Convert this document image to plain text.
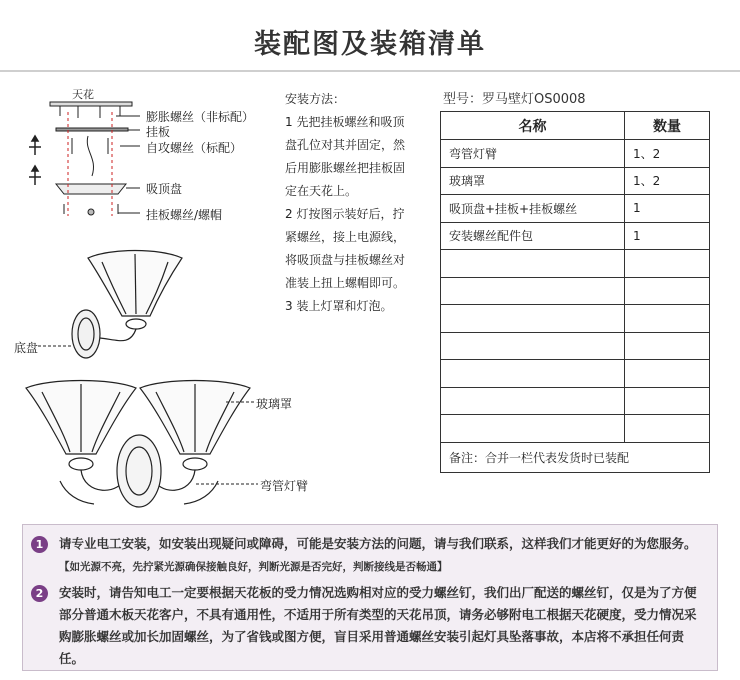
装配图及装箱清单
天花
膨胀螺丝（非标配）
挂板
自攻螺丝（标配）
吸顶盘
挂板螺丝/螺帽
底盘
玻璃罩
弯管灯臂
安装方法：
1 先把挂板螺丝和吸顶
盘孔位对其并固定，然
后用膨胀螺丝把挂板固
定在天花上。
2 灯按图示装好后，拧
紧螺丝，接上电源线，
将吸顶盘与挂板螺丝对
准装上扭上螺帽即可。
3 装上灯罩和灯泡。
型号：罗马壁灯OS0008
名称	数量
弯管灯臂	1、2
玻璃罩	1、2
吸顶盘+挂板+挂板螺丝	1
安装螺丝配件包	1

备注：合并一栏代表发货时已装配	
1	请专业电工安装，如安装出现疑问或障碍，可能是安装方法的问题，请与我们联系，这样我们才能更好的为您服务。【如光源不亮，先拧紧光源确保接触良好，判断光源是否完好，判断接线是否畅通】
2	安装时，请告知电工一定要根据天花板的受力情况选购相对应的受力螺丝钉，我们出厂配送的螺丝钉，仅是为了方便部分普通木板天花客户，不具有通用性，不适用于所有类型的天花吊顶，请务必够附电工根据天花硬度，受力情况采购膨胀螺丝或加长加固螺丝，为了省钱或图方便，盲目采用普通螺丝安装引起灯具坠落事故，本店将不承担任何责任。
